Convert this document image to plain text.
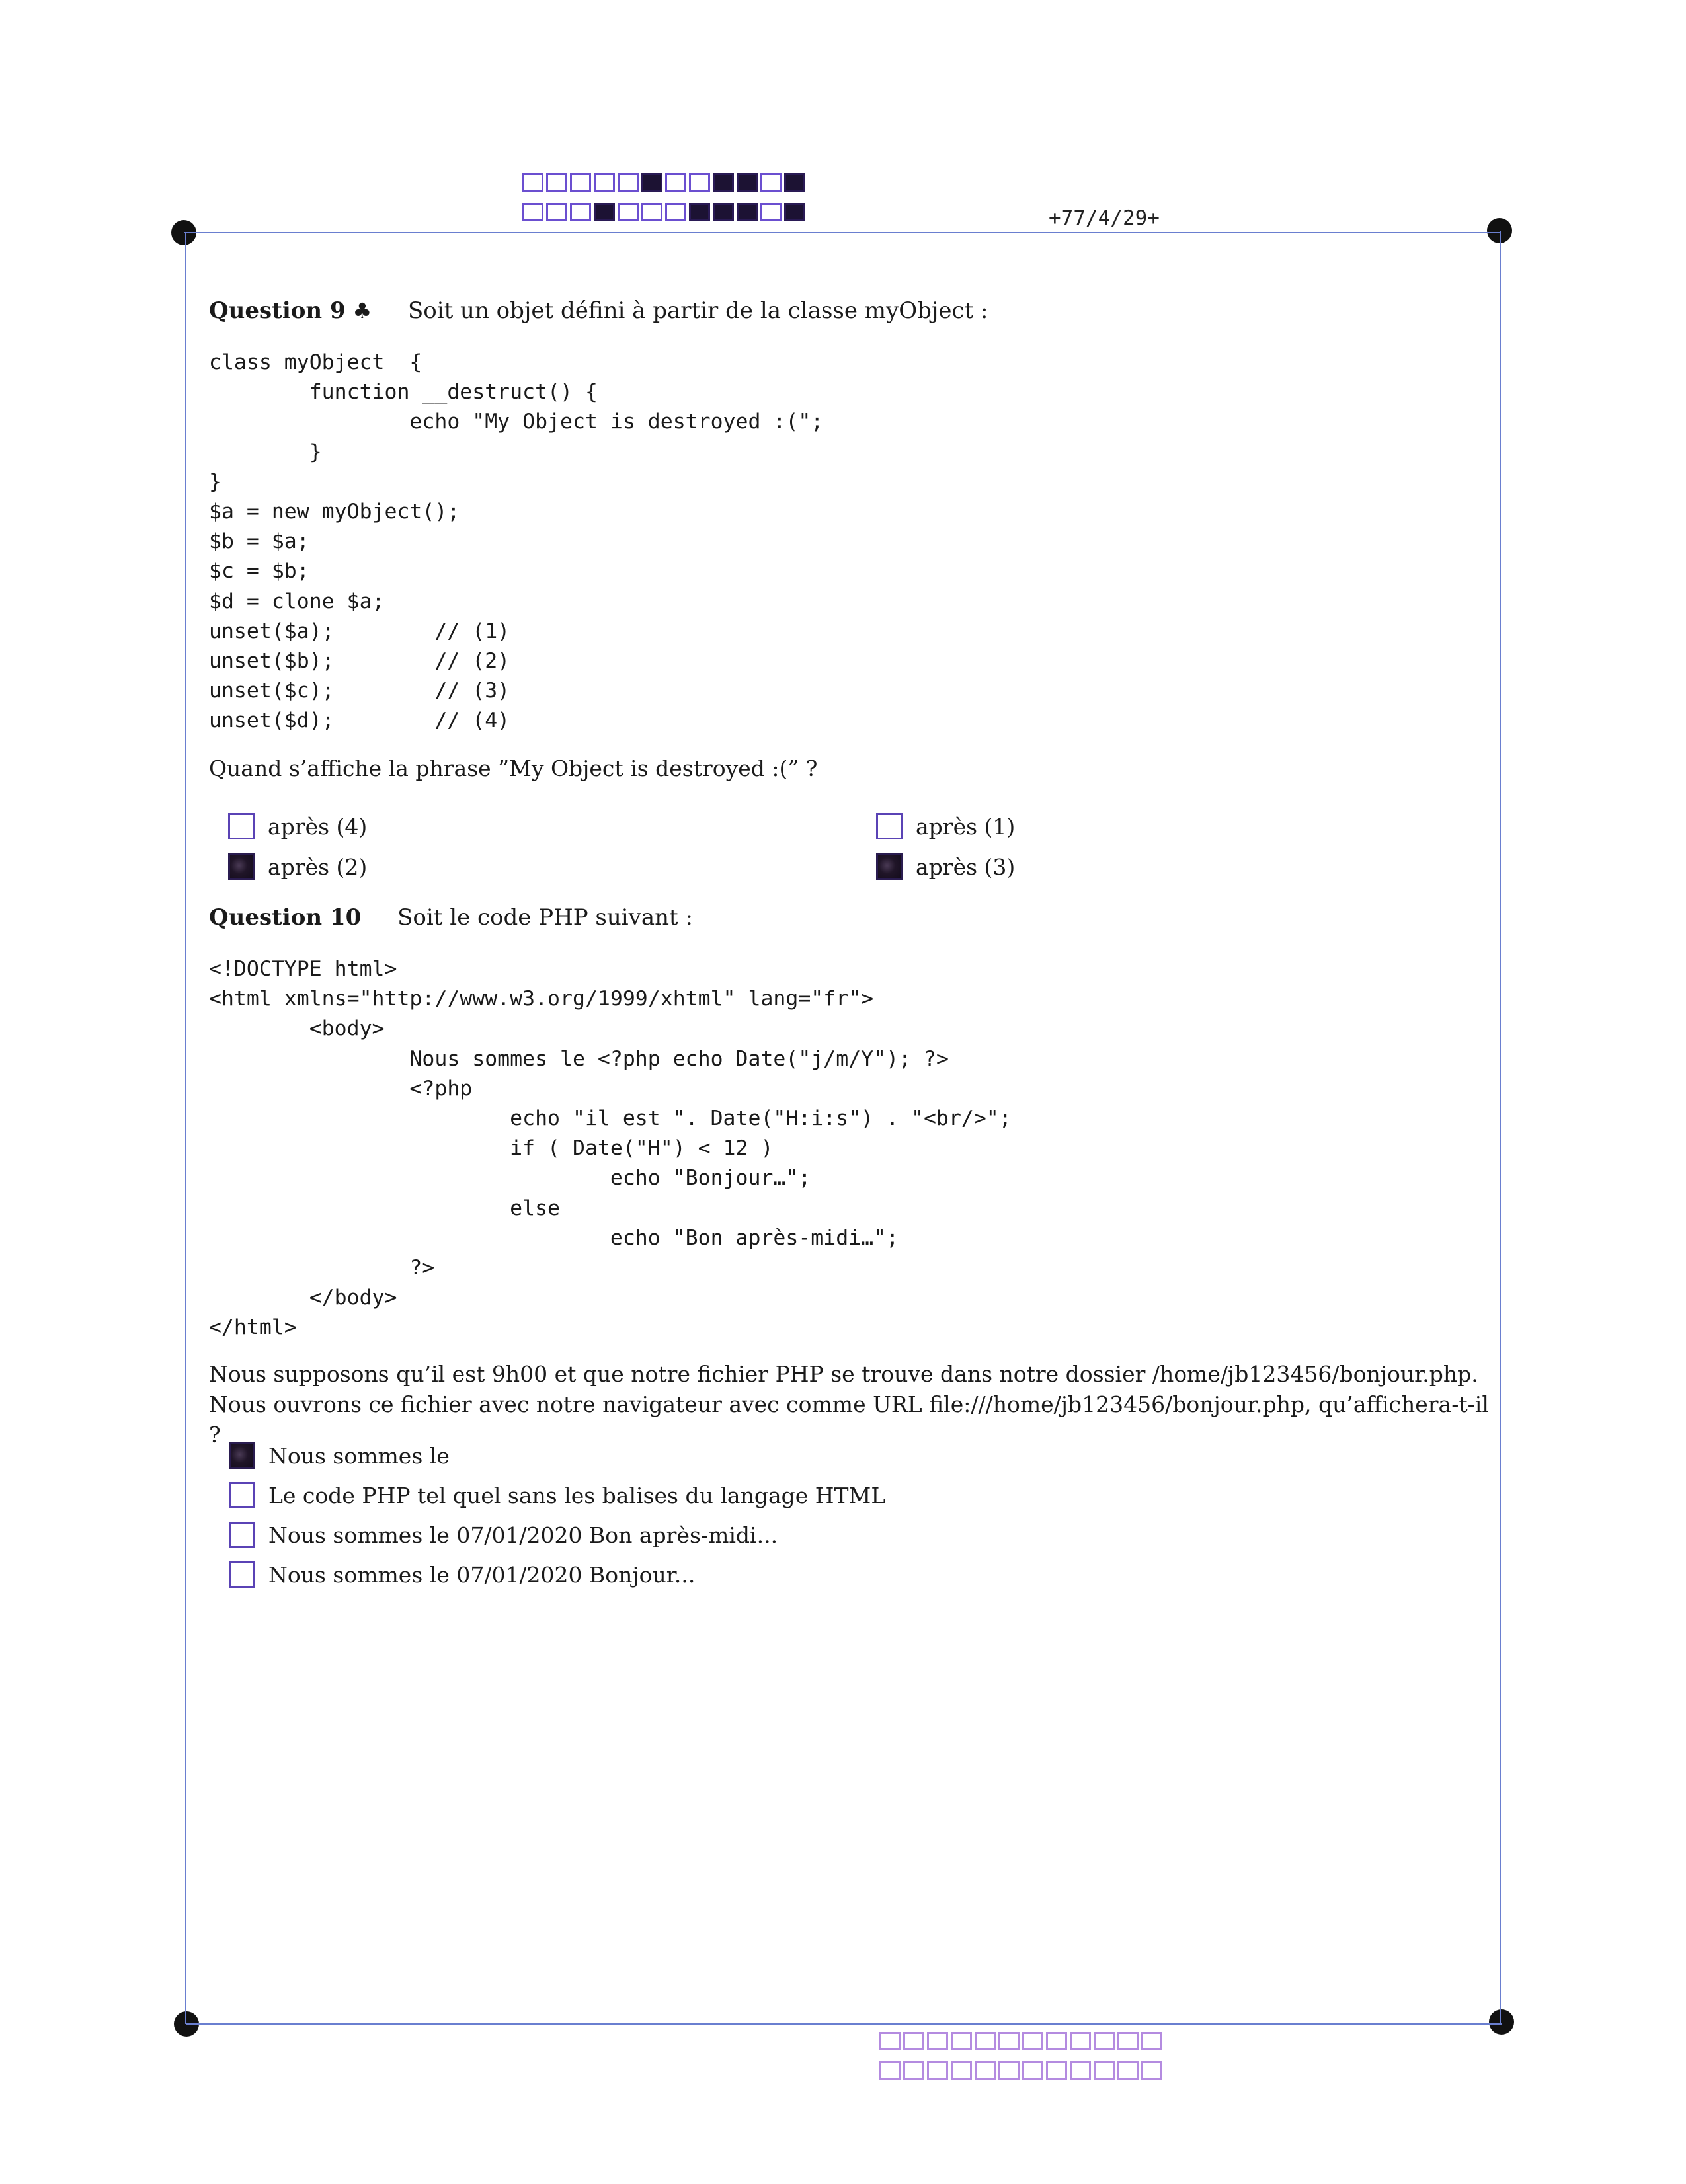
+77/4/29+
Question 9 ♣ Soit un objet défini à partir de la classe myObject :
class myObject  {
function __destruct() {
echo "My Object is destroyed :(";
}
}
$a = new myObject();
$b = $a;
$c = $b;
$d = clone $a;
unset($a);        // (1)
unset($b);        // (2)
unset($c);        // (3)
unset($d);        // (4)
Quand s’affiche la phrase ”My Object is destroyed :(” ?
après (4)	après (1)
après (2)	après (3)
Question 10 Soit le code PHP suivant :
<!DOCTYPE html>
<html xmlns="http://www.w3.org/1999/xhtml" lang="fr">
<body>
Nous sommes le <?php echo Date("j/m/Y"); ?>
<?php
echo "il est ". Date("H:i:s") . "<br/>";
if ( Date("H") < 12 )
echo "Bonjour…";
else
echo "Bon après-midi…";
?>
</body>
</html>
Nous supposons qu’il est 9h00 et que notre fichier PHP se trouve dans notre dossier /home/jb123456/bonjour.php. Nous ouvrons ce fichier avec notre navigateur avec comme URL file:///home/jb123456/bonjour.php, qu’affichera-t-il ?
Nous sommes le
Le code PHP tel quel sans les balises du langage HTML
Nous sommes le 07/01/2020 Bon après-midi...
Nous sommes le 07/01/2020 Bonjour...
